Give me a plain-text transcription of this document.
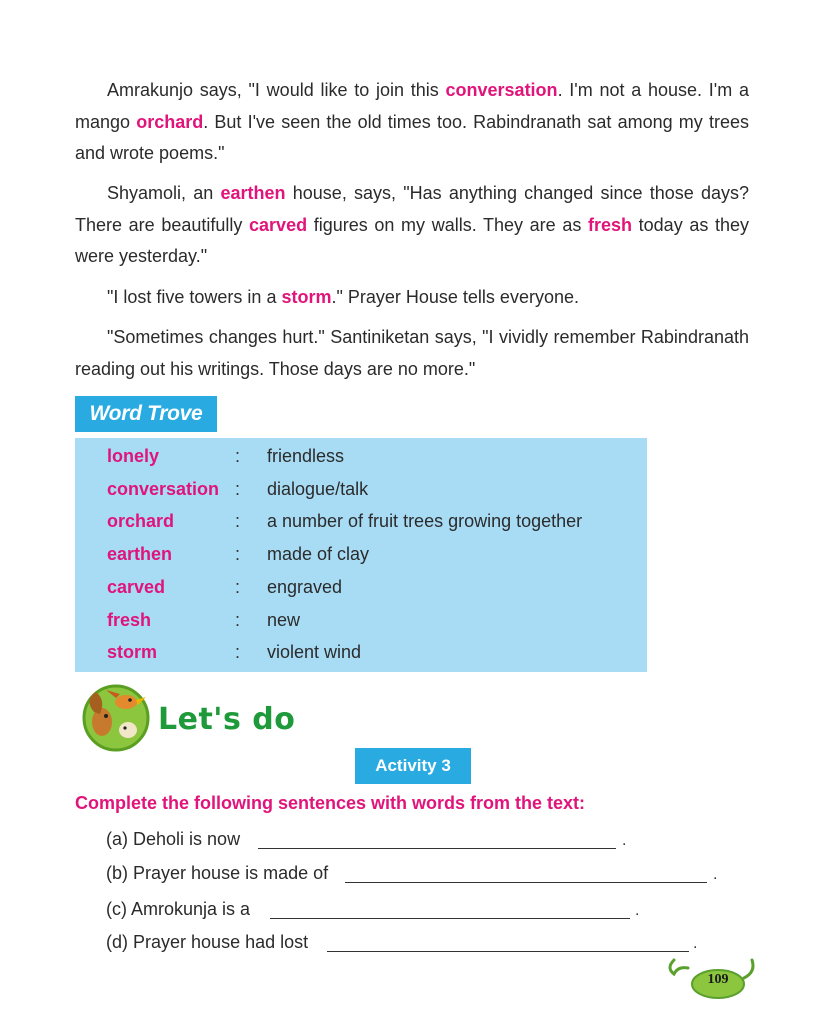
Amrakunjo says, "I would like to join this conversation. I'm not a house. I'm a mango orchard. But I've seen the old times too. Rabindranath sat among my trees and wrote poems."
Shyamoli, an earthen house, says, "Has anything changed since those days? There are beautifully carved figures on my walls. They are as fresh today as they were yesterday."
"I lost five towers in a storm." Prayer House tells everyone.
"Sometimes changes hurt." Santiniketan says, "I vividly remember Rabindranath reading out his writings. Those days are no more."
Word Trove
lonely	: friendless
conversation : dialogue/talk
orchard	: a number of fruit trees growing together
earthen	: made of clay
carved	: engraved
fresh	: new
storm	: violent wind
Let's do
Activity 3
Complete the following sentences with words from the text:
(a) Deholi is now	.
(b) Prayer house is made of	.
(c) Amrokunja is a	.
(d) Prayer house had lost	.
109
